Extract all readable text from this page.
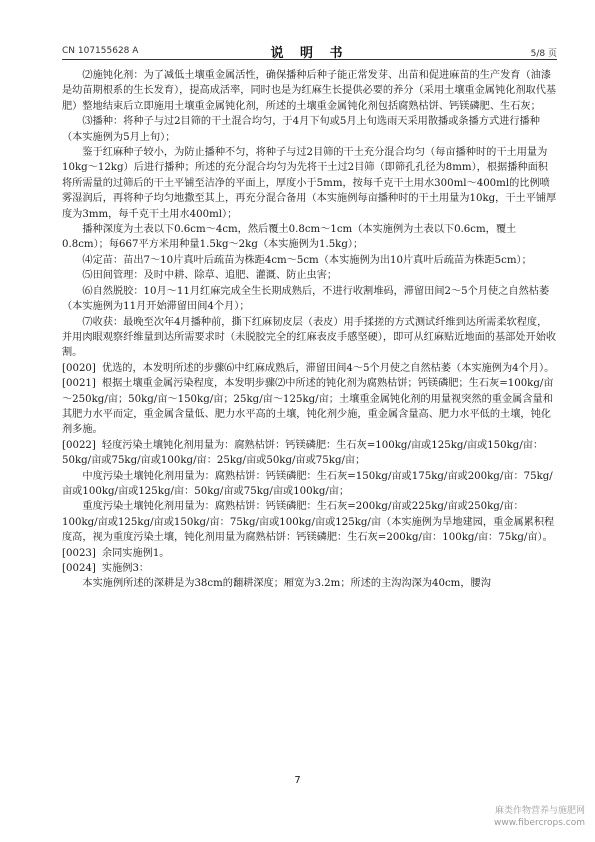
CN 107155628 A	说 明 书	5/8 页

⑵施钝化剂：为了减低土壤重金属活性，确保播种后种子能正常发芽、出苗和促进麻苗的生产发育（油漆是幼苗期根系的生长发育），提高成活率，同时也是为红麻生长提供必要的养分（采用土壤重金属钝化剂取代基肥）整地结束后立即施用土壤重金属钝化剂，所述的土壤重金属钝化剂包括腐熟枯饼、钙镁磷肥、生石灰；

⑶播种：将种子与过2目筛的干土混合均匀，于4月下旬或5月上旬选雨天采用散播或条播方式进行播种（本实施例为5月上旬）；

鉴于红麻种子较小，为防止播种不匀，将种子与过2目筛的干土充分混合均匀（每亩播种时的干土用量为10kg～12kg）后进行播种；所述的充分混合均匀为先将干土过2目筛（即筛孔孔径为8mm），根据播种面积将所需量的过筛后的干土平铺至洁净的平面上，厚度小于5mm，按每千克干土用水300ml～400ml的比例喷雾湿润后，再将种子均匀地撒至其上，再充分混合备用（本实施例每亩播种时的干土用量为10kg，干土平铺厚度为3mm，每千克干土用水400ml）；

播种深度为土表以下0.6cm～4cm，然后覆土0.8cm～1cm（本实施例为土表以下0.6cm，覆土0.8cm）；每667平方米用种量1.5kg～2kg（本实施例为1.5kg）；

⑷定苗：苗出7～10片真叶后疏苗为株距4cm～5cm（本实施例为出10片真叶后疏苗为株距5cm）；

⑸田间管理：及时中耕、除草、追肥、灌溉、防止虫害；

⑹自然脱胶：10月～11月红麻完成全生长期成熟后，不进行收割堆码，滞留田间2～5个月使之自然枯萎（本实施例为11月开始滞留田间4个月）；

⑺收获：最晚至次年4月播种前，撕下红麻韧皮层（表皮）用手揉搓的方式测试纤维到达所需柔软程度，并用肉眼观察纤维量到达所需要求时（未脱胶完全的红麻表皮手感坚硬），即可从红麻贴近地面的基部处开始收割。

[0020] 优选的，本发明所述的步骤⑹中红麻成熟后，滞留田间4～5个月使之自然枯萎（本实施例为4个月）。

[0021] 根据土壤重金属污染程度，本发明步骤⑵中所述的钝化剂为腐熟枯饼；钙镁磷肥；生石灰=100kg/亩～250kg/亩；50kg/亩～150kg/亩；25kg/亩～125kg/亩；土壤重金属钝化剂的用量视突然的重金属含量和其肥力水平而定，重金属含量低、肥力水平高的土壤，钝化剂少施，重金属含量高、肥力水平低的土壤，钝化剂多施。

[0022] 轻度污染土壤钝化剂用量为：腐熟枯饼：钙镁磷肥：生石灰=100kg/亩或125kg/亩或150kg/亩：50kg/亩或75kg/亩或100kg/亩：25kg/亩或50kg/亩或75kg/亩；

中度污染土壤钝化剂用量为：腐熟枯饼：钙镁磷肥：生石灰=150kg/亩或175kg/亩或200kg/亩：75kg/亩或100kg/亩或125kg/亩：50kg/亩或75kg/亩或100kg/亩；

重度污染土壤钝化剂用量为：腐熟枯饼：钙镁磷肥：生石灰=200kg/亩或225kg/亩或250kg/亩：100kg/亩或125kg/亩或150kg/亩：75kg/亩或100kg/亩或125kg/亩（本实施例为旱地建园，重金属累积程度高，视为重度污染土壤，钝化剂用量为腐熟枯饼：钙镁磷肥：生石灰=200kg/亩：100kg/亩：75kg/亩）。

[0023] 余同实施例1。

[0024] 实施例3：

本实施例所述的深耕是为38cm的翻耕深度；厢宽为3.2m；所述的主沟沟深为40cm，腰沟

7
麻类作物营养与施肥网
www.fibercrops.com
